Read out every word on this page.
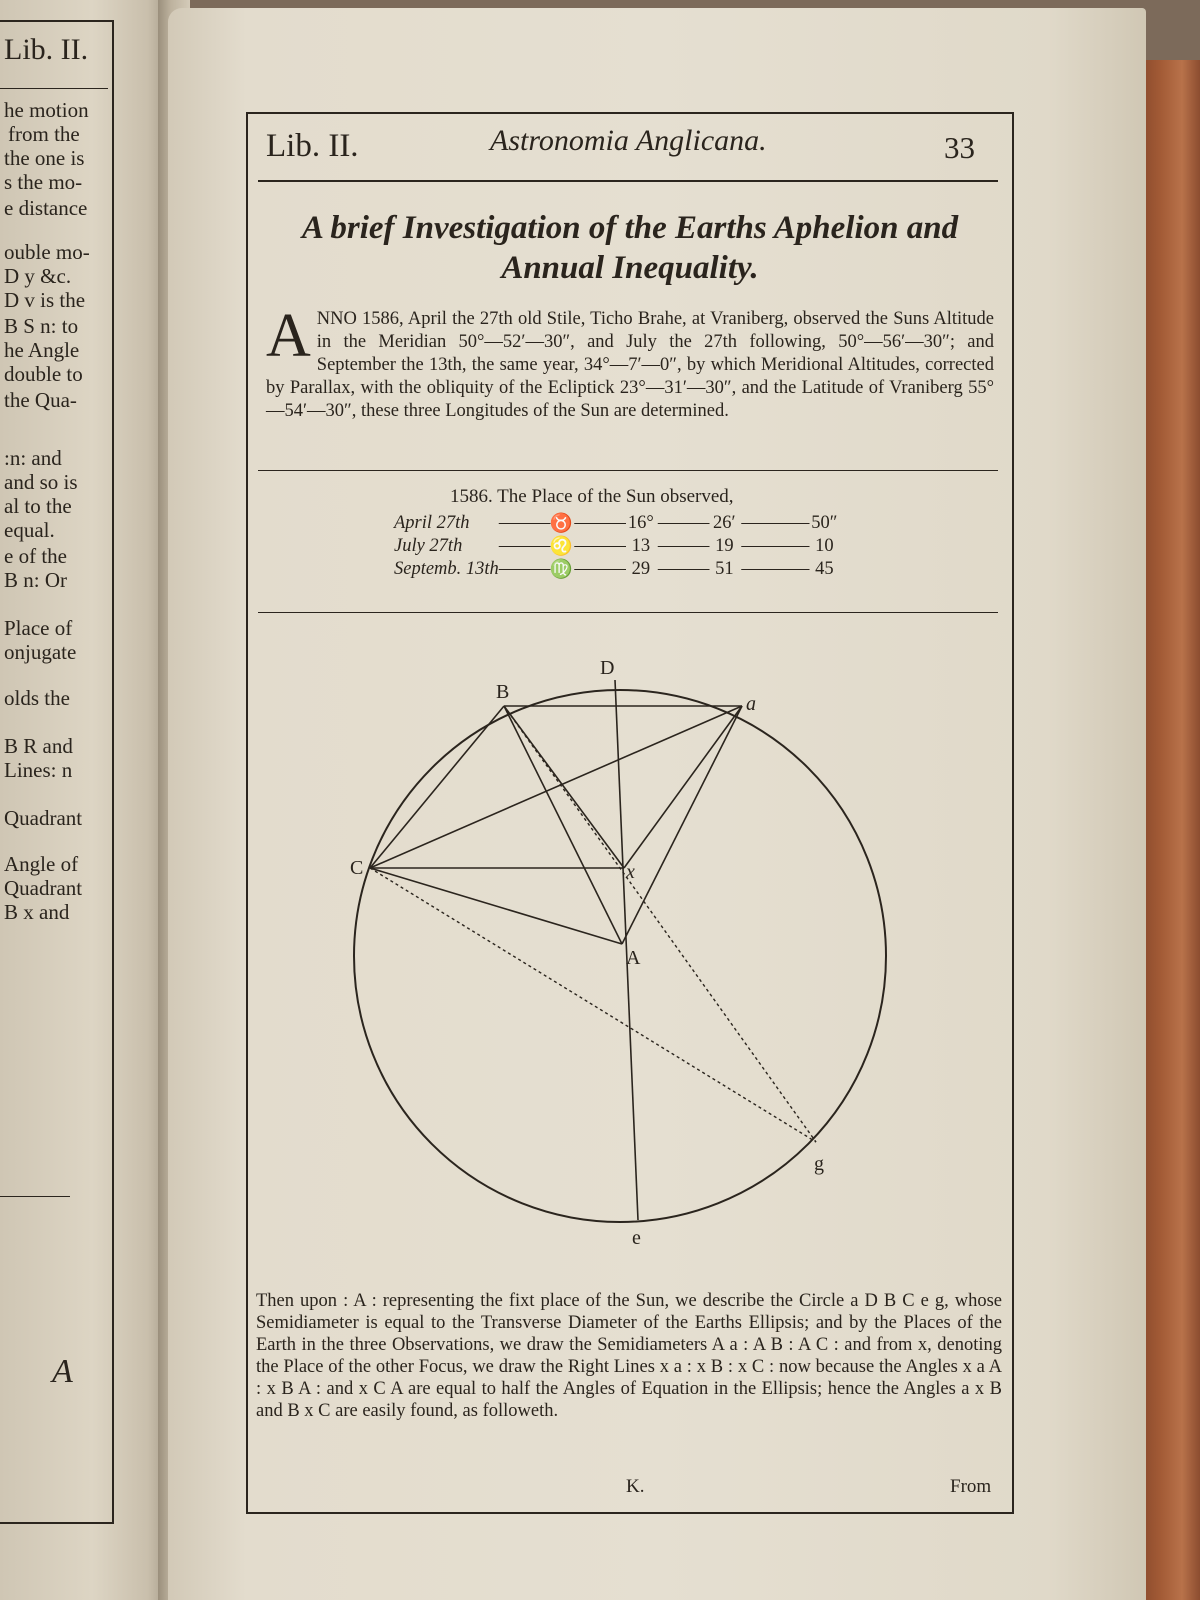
Lib. II.
he motion
from the
the one is
s the mo-
e distance
ouble mo-
D y &c.
D v is the
B S n: to
he Angle
double to
the Qua-
:n: and
and so is
al to the
equal.
e of the
B n: Or
Place of
onjugate
olds the
B R and
Lines: n
Quadrant
Angle of
Quadrant
B x and
A
Lib. II.	Astronomia Anglicana.	33
A brief Investigation of the Earths Aphelion and
Annual Inequality.
A NNO 1586, April the 27th old Stile, Ticho Brahe, at Vraniberg, observed the Suns Altitude in the Meridian 50°—52′—30″, and July the 27th following, 50°—56′—30″; and September the 13th, the same year, 34°—7′—0″, by which Meridional Altitudes, corrected by Parallax, with the obliquity of the Ecliptick 23°—31′—30″, and the Latitude of Vraniberg 55°—54′—30″, these three Longitudes of the Sun are determined.
1586. The Place of the Sun observed,
April 27th	———	♉	———	16°	———	26′	————	50″
July 27th	———	♌	———	13	———	19	————	10
Septemb. 13th	———	♍	———	29	———	51	————	45
D
B
a
C	x
A
g
e
Then upon : A : representing the fixt place of the Sun, we describe the Circle a D B C e g, whose Semidiameter is equal to the Transverse Diameter of the Earths Ellipsis; and by the Places of the Earth in the three Observations, we draw the Semidiameters A a : A B : A C : and from x, denoting the Place of the other Focus, we draw the Right Lines x a : x B : x C : now because the Angles x a A : x B A : and x C A are equal to half the Angles of Equation in the Ellipsis; hence the Angles a x B and B x C are easily found, as followeth.
K.	From
